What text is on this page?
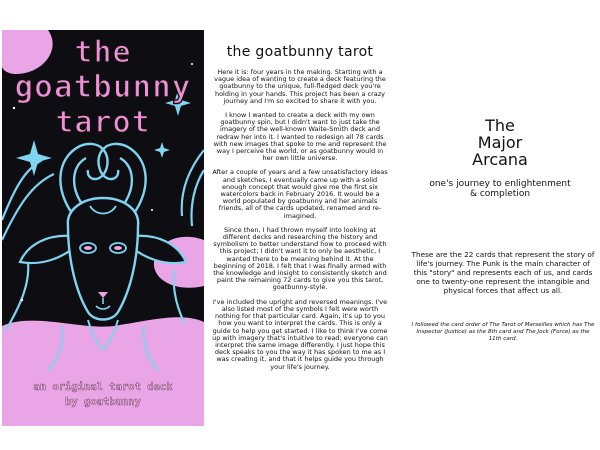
the
goatbunny
tarot

an original tarot deck

by goatbunny

the goatbunny tarot

Here it is: four years in the making. Starting with a vague idea of wanting to create a deck featuring the goatbunny to the unique, full-fledged deck you're holding in your hands. This project has been a crazy journey and I'm so excited to share it with you.

I know I wanted to create a deck with my own goatbunny spin, but I didn't want to just take the imagery of the well-known Waite-Smith deck and redraw her into it. I wanted to redesign all 78 cards with new images that spoke to me and represent the way I perceive the world, or as goatbunny would in her own little universe.

After a couple of years and a few unsatisfactory ideas and sketches, I eventually came up with a solid enough concept that would give me the first six watercolors back in February 2016. It would be a world populated by goatbunny and her animals friends, all of the cards updated, renamed and re-imagined.

Since then, I had thrown myself into looking at different decks and researching the history and symbolism to better understand how to proceed with this project; I didn't want it to only be aesthetic, I wanted there to be meaning behind it. At the beginning of 2018, I felt that I was finally armed with the knowledge and insight to consistently sketch and paint the remaining 72 cards to give you this tarot, goatbunny-style.

I've included the upright and reversed meanings. I've also listed most of the symbols I felt were worth nothing for that particular card. Again, it's up to you how you want to interpret the cards. This is only a guide to help you get started. I like to think I've come up with imagery that's intuitive to read; everyone can interpret the same image differently. I just hope this deck speaks to you the way it has spoken to me as I was creating it, and that it helps guide you through your life's journey.

The
Major
Arcana

one's journey to enlightenment
& completion

These are the 22 cards that represent the story of life's journey. The Punk is the main character of this "story" and represents each of us, and cards one to twenty-one represent the intangible and physical forces that affect us all.

I followed the card order of The Tarot of Marseilles which has The Inspector (Justice) as the 8th card and The Jock (Force) as the 11th card.
